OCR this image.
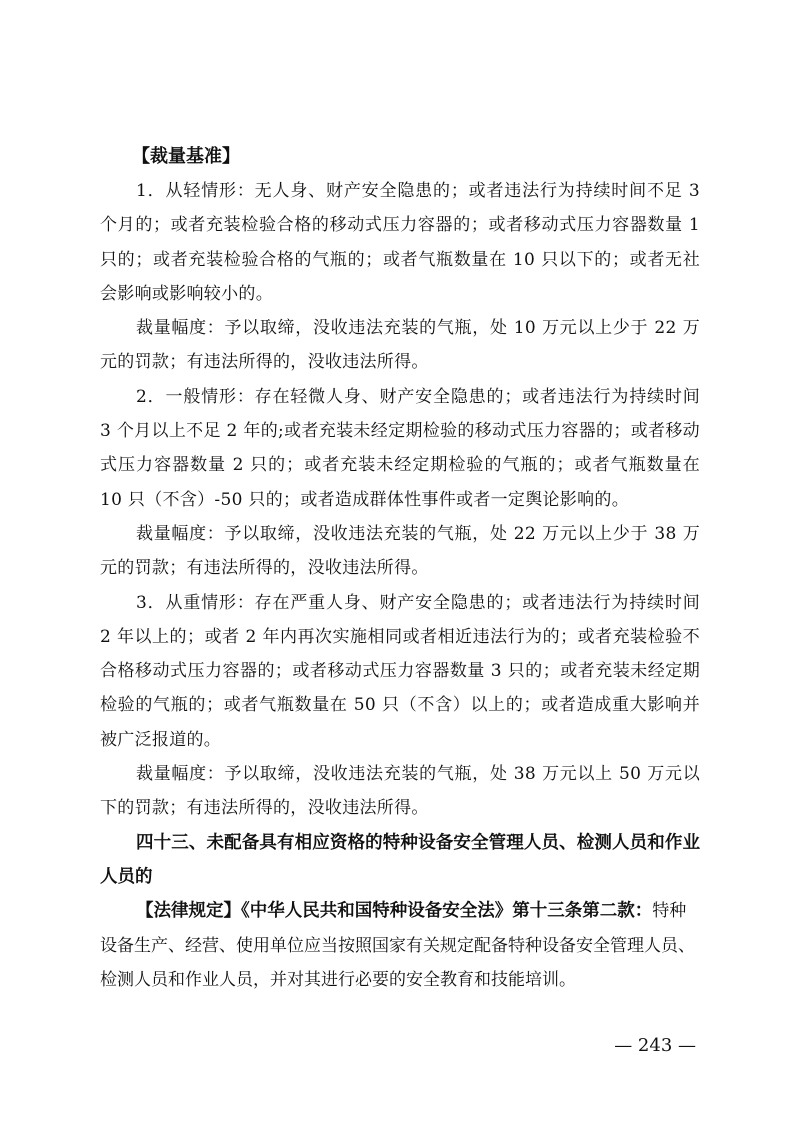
【裁量基准】

1．从轻情形：无人身、财产安全隐患的；或者违法行为持续时间不足 3 个月的；或者充装检验合格的移动式压力容器的；或者移动式压力容器数量 1 只的；或者充装检验合格的气瓶的；或者气瓶数量在 10 只以下的；或者无社会影响或影响较小的。

裁量幅度：予以取缔，没收违法充装的气瓶，处 10 万元以上少于 22 万元的罚款；有违法所得的，没收违法所得。

2．一般情形：存在轻微人身、财产安全隐患的；或者违法行为持续时间 3 个月以上不足 2 年的;或者充装未经定期检验的移动式压力容器的；或者移动式压力容器数量 2 只的；或者充装未经定期检验的气瓶的；或者气瓶数量在 10 只（不含）-50 只的；或者造成群体性事件或者一定舆论影响的。

裁量幅度：予以取缔，没收违法充装的气瓶，处 22 万元以上少于 38 万元的罚款；有违法所得的，没收违法所得。

3．从重情形：存在严重人身、财产安全隐患的；或者违法行为持续时间 2 年以上的；或者 2 年内再次实施相同或者相近违法行为的；或者充装检验不合格移动式压力容器的；或者移动式压力容器数量 3 只的；或者充装未经定期检验的气瓶的；或者气瓶数量在 50 只（不含）以上的；或者造成重大影响并被广泛报道的。

裁量幅度：予以取缔，没收违法充装的气瓶，处 38 万元以上 50 万元以下的罚款；有违法所得的，没收违法所得。

四十三、未配备具有相应资格的特种设备安全管理人员、检测人员和作业人员的

【法律规定】《中华人民共和国特种设备安全法》第十三条第二款：特种设备生产、经营、使用单位应当按照国家有关规定配备特种设备安全管理人员、检测人员和作业人员，并对其进行必要的安全教育和技能培训。

— 243 —
